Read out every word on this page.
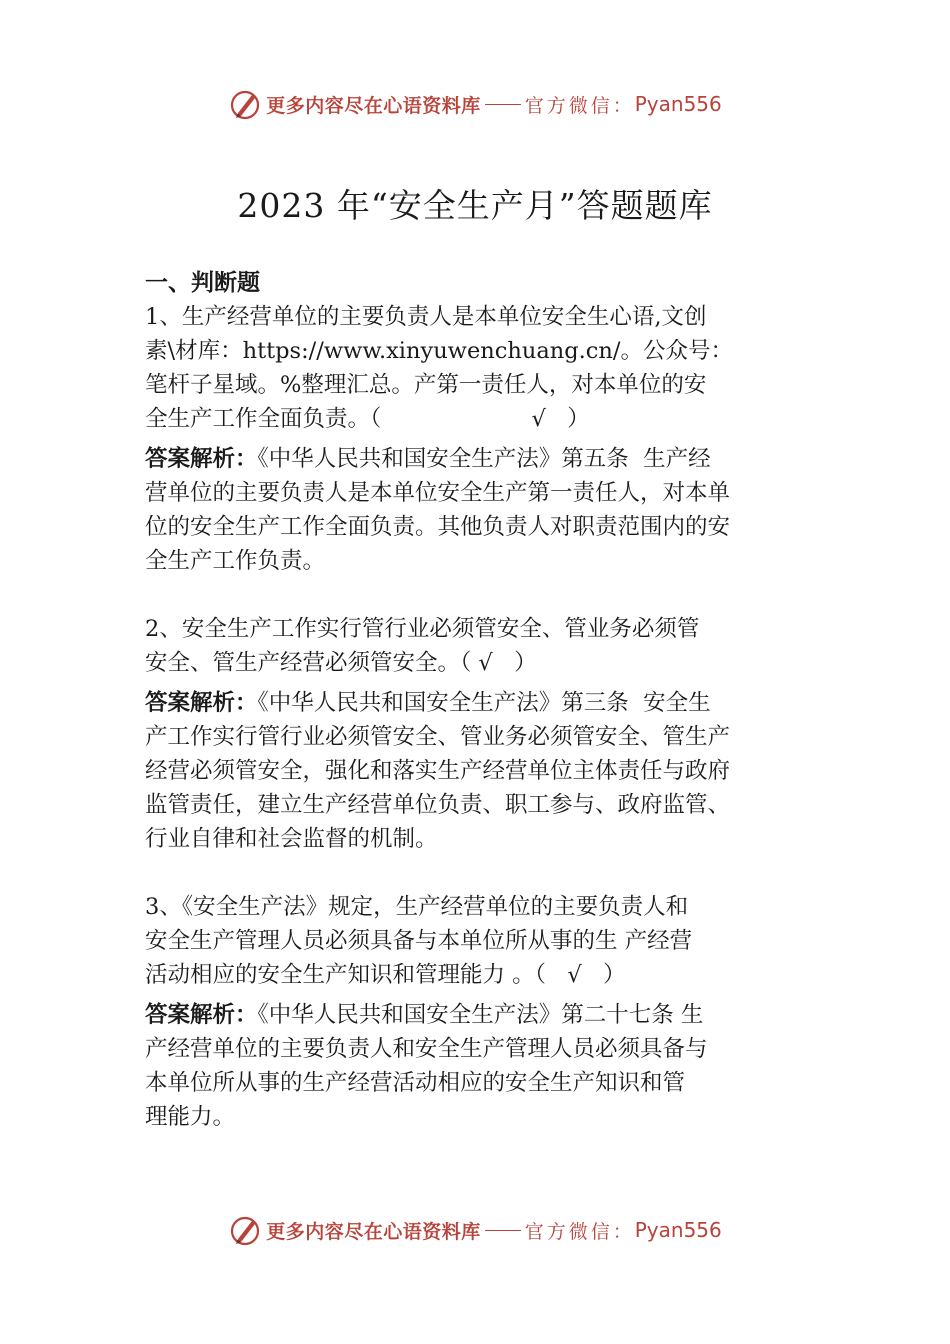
更多内容尽在心语资料库 官方微信： Pyan556
2023 年“安全生产月”答题题库
一、判断题
1、生产经营单位的主要负责人是本单位安全生心语,文创
素\材库：https://www.xinyuwenchuang.cn/。公众号：
笔杆子星域。%整理汇总。产第一责任人，对本单位的安
全生产工作全面负责。（                     √   ）
答案解析：《中华人民共和国安全生产法》第五条  生产经
营单位的主要负责人是本单位安全生产第一责任人，对本单
位的安全生产工作全面负责。其他负责人对职责范围内的安
全生产工作负责。
2、安全生产工作实行管行业必须管安全、管业务必须管
安全、管生产经营必须管安全。（ √   ）
答案解析：《中华人民共和国安全生产法》第三条  安全生
产工作实行管行业必须管安全、管业务必须管安全、管生产
经营必须管安全，强化和落实生产经营单位主体责任与政府
监管责任，建立生产经营单位负责、职工参与、政府监管、
行业自律和社会监督的机制。
3、《安全生产法》规定，生产经营单位的主要负责人和
安全生产管理人员必须具备与本单位所从事的生 产经营
活动相应的安全生产知识和管理能力 。（   √   ）
答案解析：《中华人民共和国安全生产法》第二十七条 生
产经营单位的主要负责人和安全生产管理人员必须具备与
本单位所从事的生产经营活动相应的安全生产知识和管
理能力。
更多内容尽在心语资料库 官方微信： Pyan556
